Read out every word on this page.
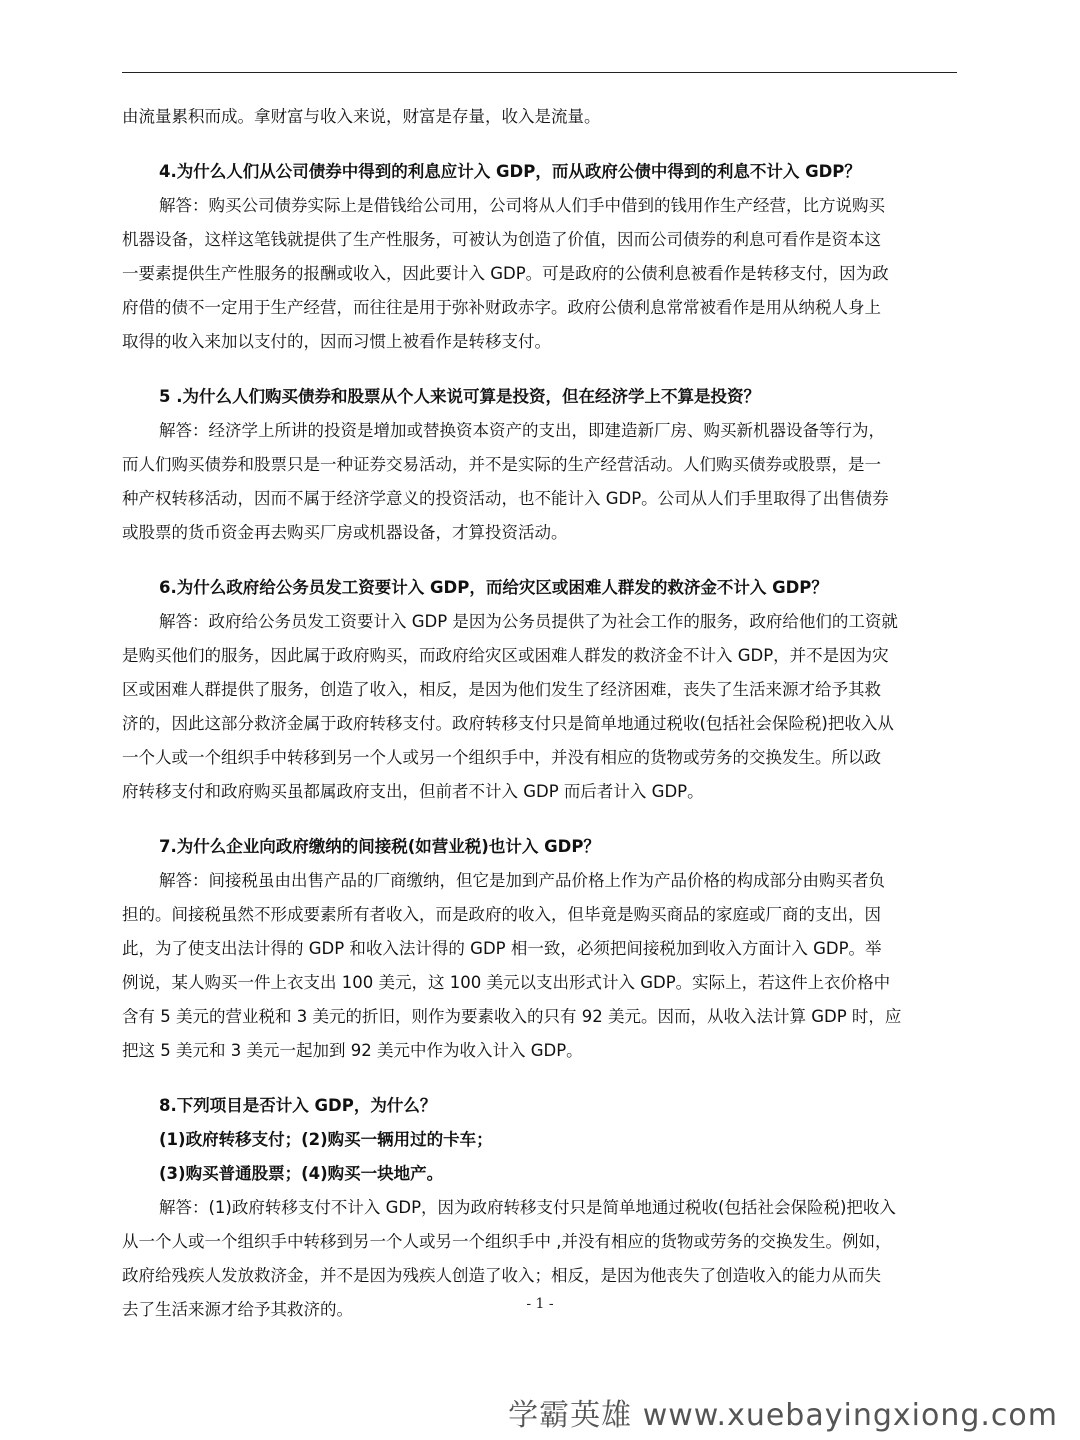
由流量累积而成。拿财富与收入来说，财富是存量，收入是流量。
4.为什么人们从公司债券中得到的利息应计入 GDP，而从政府公债中得到的利息不计入 GDP？
解答：购买公司债券实际上是借钱给公司用，公司将从人们手中借到的钱用作生产经营，比方说购买
机器设备，这样这笔钱就提供了生产性服务，可被认为创造了价值，因而公司债券的利息可看作是资本这
一要素提供生产性服务的报酬或收入，因此要计入 GDP。可是政府的公债利息被看作是转移支付，因为政
府借的债不一定用于生产经营，而往往是用于弥补财政赤字。政府公债利息常常被看作是用从纳税人身上
取得的收入来加以支付的，因而习惯上被看作是转移支付。
5 .为什么人们购买债券和股票从个人来说可算是投资，但在经济学上不算是投资？
解答：经济学上所讲的投资是增加或替换资本资产的支出，即建造新厂房、购买新机器设备等行为，
而人们购买债券和股票只是一种证券交易活动，并不是实际的生产经营活动。人们购买债券或股票，是一
种产权转移活动，因而不属于经济学意义的投资活动，也不能计入 GDP。公司从人们手里取得了出售债券
或股票的货币资金再去购买厂房或机器设备，才算投资活动。
6.为什么政府给公务员发工资要计入 GDP，而给灾区或困难人群发的救济金不计入 GDP？
解答：政府给公务员发工资要计入 GDP 是因为公务员提供了为社会工作的服务，政府给他们的工资就
是购买他们的服务，因此属于政府购买，而政府给灾区或困难人群发的救济金不计入 GDP，并不是因为灾
区或困难人群提供了服务，创造了收入，相反，是因为他们发生了经济困难，丧失了生活来源才给予其救
济的，因此这部分救济金属于政府转移支付。政府转移支付只是简单地通过税收(包括社会保险税)把收入从
一个人或一个组织手中转移到另一个人或另一个组织手中，并没有相应的货物或劳务的交换发生。所以政
府转移支付和政府购买虽都属政府支出，但前者不计入 GDP 而后者计入 GDP。
7.为什么企业向政府缴纳的间接税(如营业税)也计入 GDP？
解答：间接税虽由出售产品的厂商缴纳，但它是加到产品价格上作为产品价格的构成部分由购买者负
担的。间接税虽然不形成要素所有者收入，而是政府的收入，但毕竟是购买商品的家庭或厂商的支出，因
此，为了使支出法计得的 GDP 和收入法计得的 GDP 相一致，必须把间接税加到收入方面计入 GDP。举
例说，某人购买一件上衣支出 100 美元，这 100 美元以支出形式计入 GDP。实际上，若这件上衣价格中
含有 5 美元的营业税和 3 美元的折旧，则作为要素收入的只有 92 美元。因而，从收入法计算 GDP 时，应
把这 5 美元和 3 美元一起加到 92 美元中作为收入计入 GDP。
8.下列项目是否计入 GDP，为什么？
(1)政府转移支付；(2)购买一辆用过的卡车；
(3)购买普通股票；(4)购买一块地产。
解答：(1)政府转移支付不计入 GDP，因为政府转移支付只是简单地通过税收(包括社会保险税)把收入
从一个人或一个组织手中转移到另一个人或另一个组织手中 ,并没有相应的货物或劳务的交换发生。例如，
政府给残疾人发放救济金，并不是因为残疾人创造了收入；相反，是因为他丧失了创造收入的能力从而失
去了生活来源才给予其救济的。	- 1 -
学霸英雄 www.xuebayingxiong.com
